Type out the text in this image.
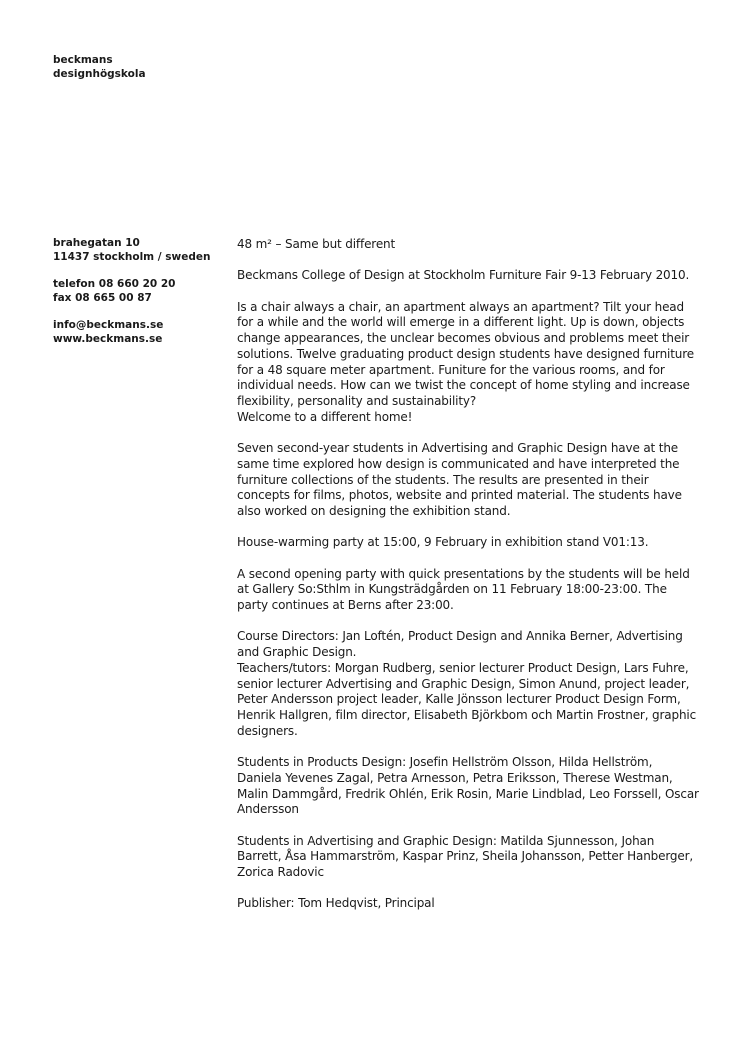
beckmans
designhögskola
brahegatan 10
11437 stockholm / sweden
telefon 08 660 20 20
fax 08 665 00 87
info@beckmans.se
www.beckmans.se

48 m² – Same but different

Beckmans College of Design at Stockholm Furniture Fair 9-13 February 2010.

Is a chair always a chair, an apartment always an apartment? Tilt your head for a while and the world will emerge in a different light. Up is down, objects change appearances, the unclear becomes obvious and problems meet their solutions. Twelve graduating product design students have designed furniture for a 48 square meter apartment. Funiture for the various rooms, and for individual needs. How can we twist the concept of home styling and increase flexibility, personality and sustainability?

Welcome to a different home!

Seven second-year students in Advertising and Graphic Design have at the same time explored how design is communicated and have interpreted the furniture collections of the students. The results are presented in their concepts for films, photos, website and printed material. The students have also worked on designing the exhibition stand.

House-warming party at 15:00, 9 February in exhibition stand V01:13.

A second opening party with quick presentations by the students will be held at Gallery So:Sthlm in Kungsträdgården on 11 February 18:00-23:00. The party continues at Berns after 23:00.

Course Directors: Jan Loftén, Product Design and Annika Berner, Advertising and Graphic Design.

Teachers/tutors: Morgan Rudberg, senior lecturer Product Design, Lars Fuhre, senior lecturer Advertising and Graphic Design, Simon Anund, project leader, Peter Andersson project leader, Kalle Jönsson lecturer Product Design Form, Henrik Hallgren, film director, Elisabeth Björkbom och Martin Frostner, graphic designers.

Students in Products Design: Josefin Hellström Olsson, Hilda Hellström, Daniela Yevenes Zagal, Petra Arnesson, Petra Eriksson, Therese Westman, Malin Dammgård, Fredrik Ohlén, Erik Rosin, Marie Lindblad, Leo Forssell, Oscar Andersson

Students in Advertising and Graphic Design: Matilda Sjunnesson, Johan Barrett, Åsa Hammarström, Kaspar Prinz, Sheila Johansson, Petter Hanberger, Zorica Radovic

Publisher: Tom Hedqvist, Principal
